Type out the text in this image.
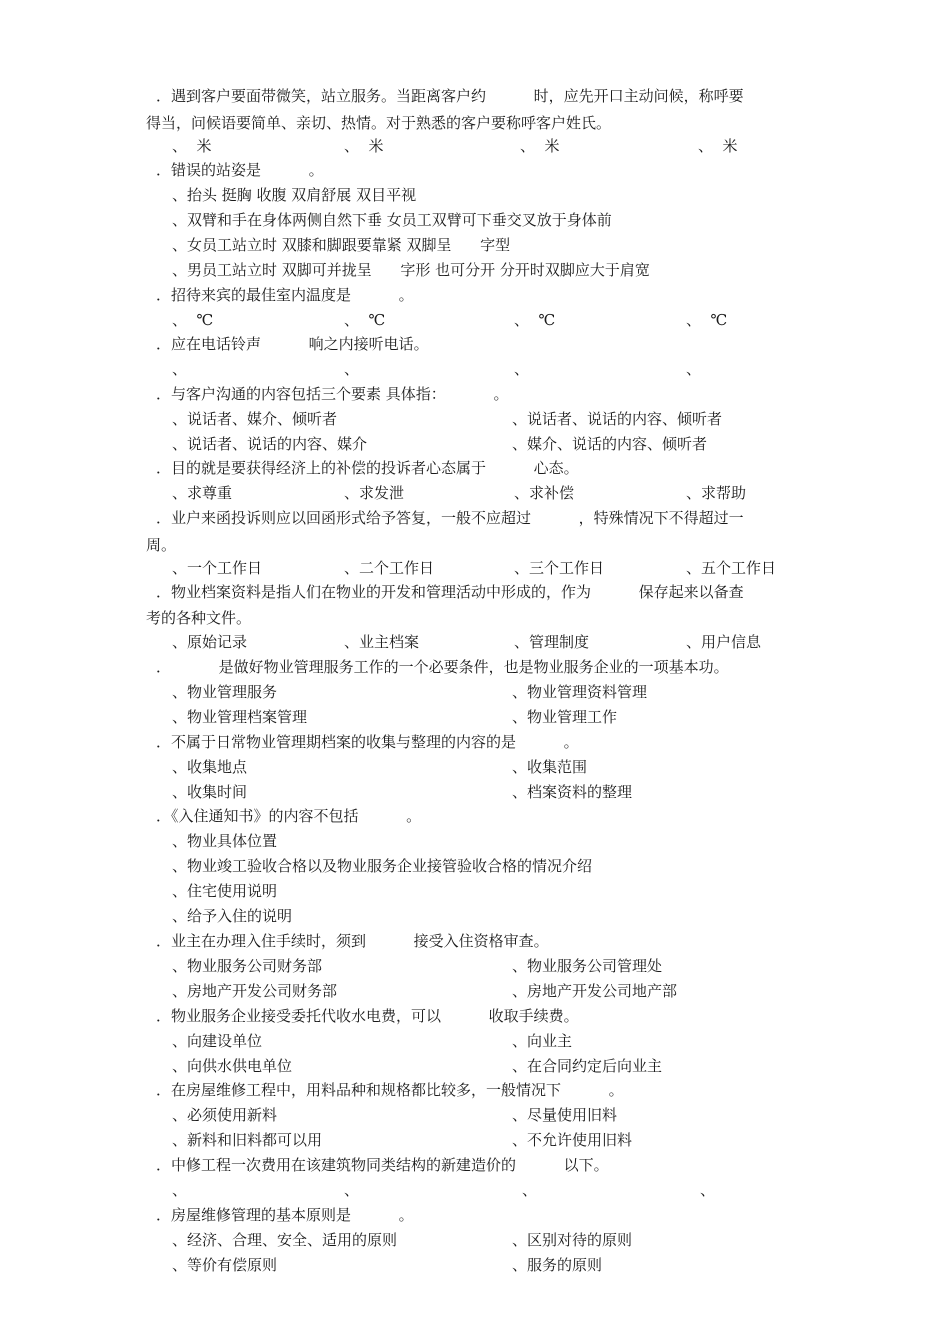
．遇到客户要面带微笑，站立服务。当距离客户约          时，应先开口主动问候，称呼要
得当，问候语要简单、亲切、热情。对于熟悉的客户要称呼客户姓氏。
、  米	、  米	、  米	、  米
．错误的站姿是          。
、抬头 挺胸 收腹 双肩舒展 双目平视
、双臂和手在身体两侧自然下垂 女员工双臂可下垂交叉放于身体前
、女员工站立时 双膝和脚跟要靠紧 双脚呈      字型
、男员工站立时 双脚可并拢呈      字形 也可分开 分开时双脚应大于肩宽
．招待来宾的最佳室内温度是          。
、  ℃	、  ℃	、  ℃	、  ℃
．应在电话铃声          响之内接听电话。
、	、	、	、
．与客户沟通的内容包括三个要素 具体指：          。
、说话者、媒介、倾听者	、说话者、说话的内容、倾听者
、说话者、说话的内容、媒介	、媒介、说话的内容、倾听者
．目的就是要获得经济上的补偿的投诉者心态属于          心态。
、求尊重	、求发泄	、求补偿	、求帮助
．业户来函投诉则应以回函形式给予答复，一般不应超过          ，特殊情况下不得超过一
周。
、一个工作日	、二个工作日	、三个工作日	、五个工作日
．物业档案资料是指人们在物业的开发和管理活动中形成的，作为          保存起来以备查
考的各种文件。
、原始记录	、业主档案	、管理制度	、用户信息
．          是做好物业管理服务工作的一个必要条件，也是物业服务企业的一项基本功。
、物业管理服务	、物业管理资料管理
、物业管理档案管理	、物业管理工作
．不属于日常物业管理期档案的收集与整理的内容的是          。
、收集地点	、收集范围
、收集时间	、档案资料的整理
．《入住通知书》的内容不包括          。
、物业具体位置
、物业竣工验收合格以及物业服务企业接管验收合格的情况介绍
、住宅使用说明
、给予入住的说明
．业主在办理入住手续时，须到          接受入住资格审查。
、物业服务公司财务部	、物业服务公司管理处
、房地产开发公司财务部	、房地产开发公司地产部
．物业服务企业接受委托代收水电费，可以          收取手续费。
、向建设单位	、向业主
、向供水供电单位	、在合同约定后向业主
．在房屋维修工程中，用料品种和规格都比较多，一般情况下          。
、必须使用新料	、尽量使用旧料
、新料和旧料都可以用	、不允许使用旧料
．中修工程一次费用在该建筑物同类结构的新建造价的          以下。
、	、	、	、
．房屋维修管理的基本原则是          。
、经济、合理、安全、适用的原则	、区别对待的原则
、等价有偿原则	、服务的原则
